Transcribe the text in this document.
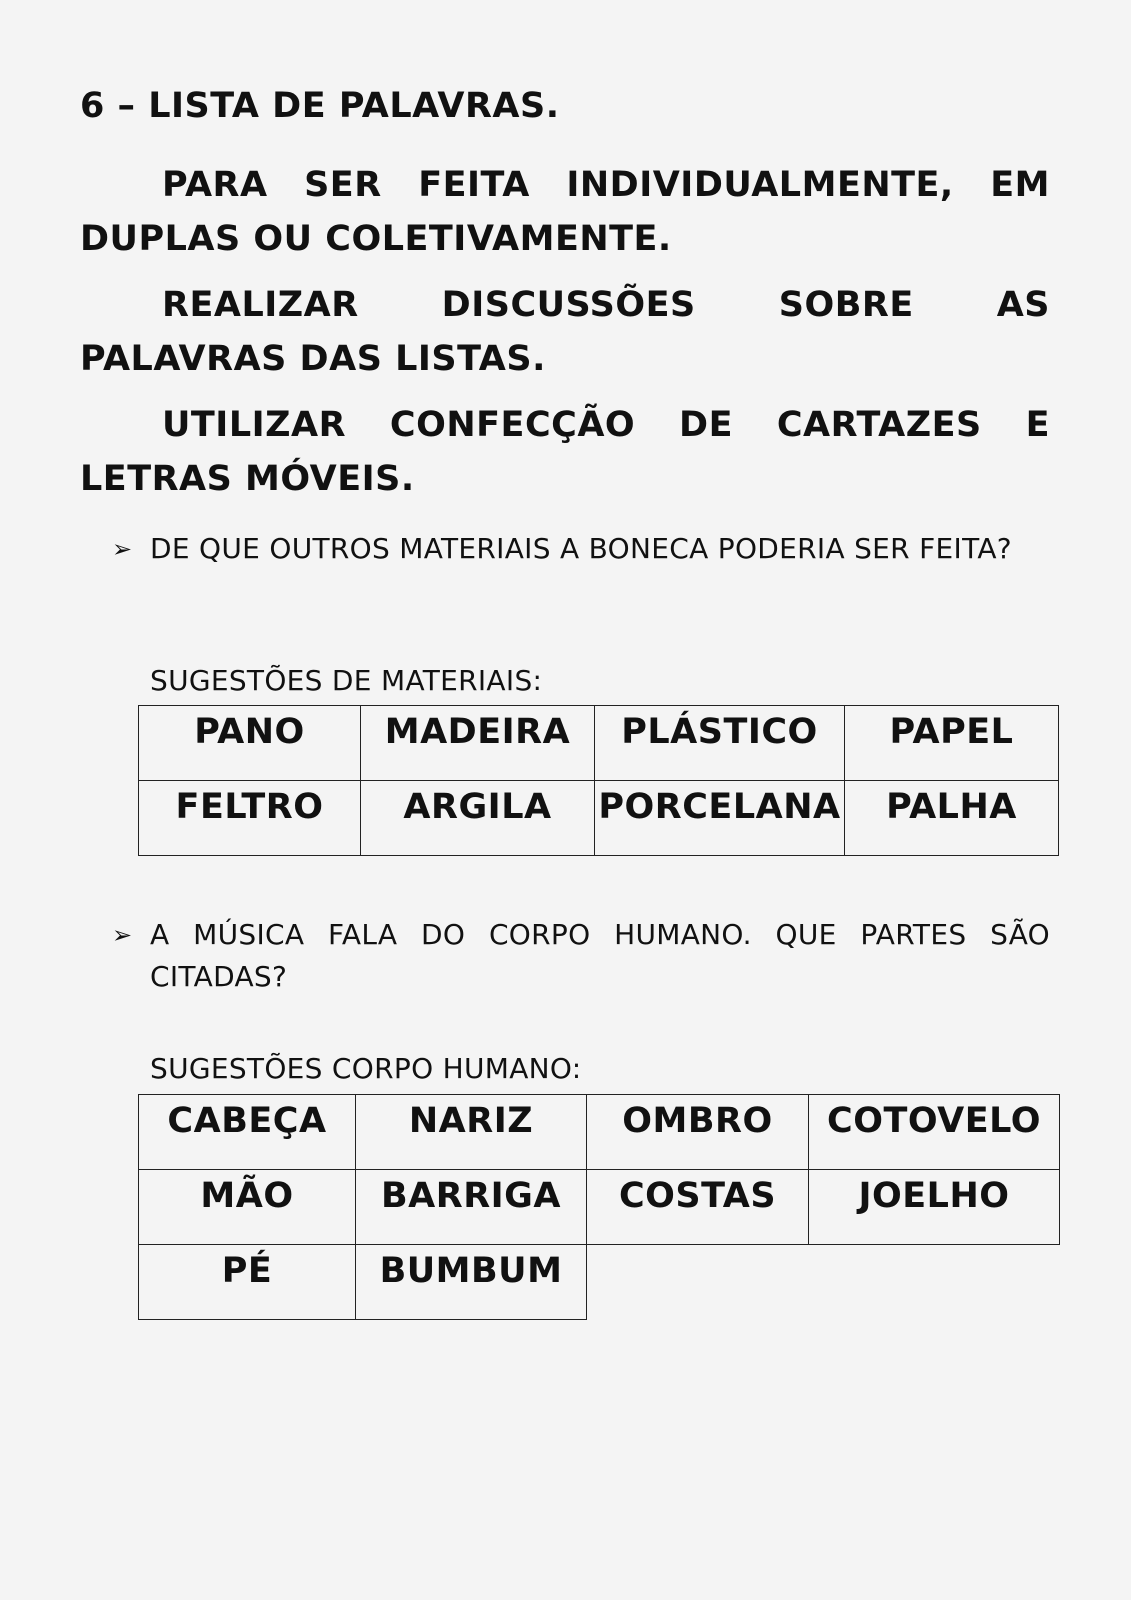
6 – LISTA DE PALAVRAS.

PARA SER FEITA INDIVIDUALMENTE, EM DUPLAS OU COLETIVAMENTE.

REALIZAR DISCUSSÕES SOBRE AS PALAVRAS DAS LISTAS.

UTILIZAR CONFECÇÃO DE CARTAZES E LETRAS MÓVEIS.

➢ DE QUE OUTROS MATERIAIS A BONECA PODERIA SER FEITA?

SUGESTÕES DE MATERIAIS:

PANO	MADEIRA	PLÁSTICO	PAPEL
FELTRO	ARGILA	PORCELANA	PALHA
➢ A MÚSICA FALA DO CORPO HUMANO. QUE PARTES SÃO CITADAS?

SUGESTÕES CORPO HUMANO:

CABEÇA	NARIZ	OMBRO	COTOVELO
MÃO	BARRIGA	COSTAS	JOELHO
PÉ	BUMBUM		
